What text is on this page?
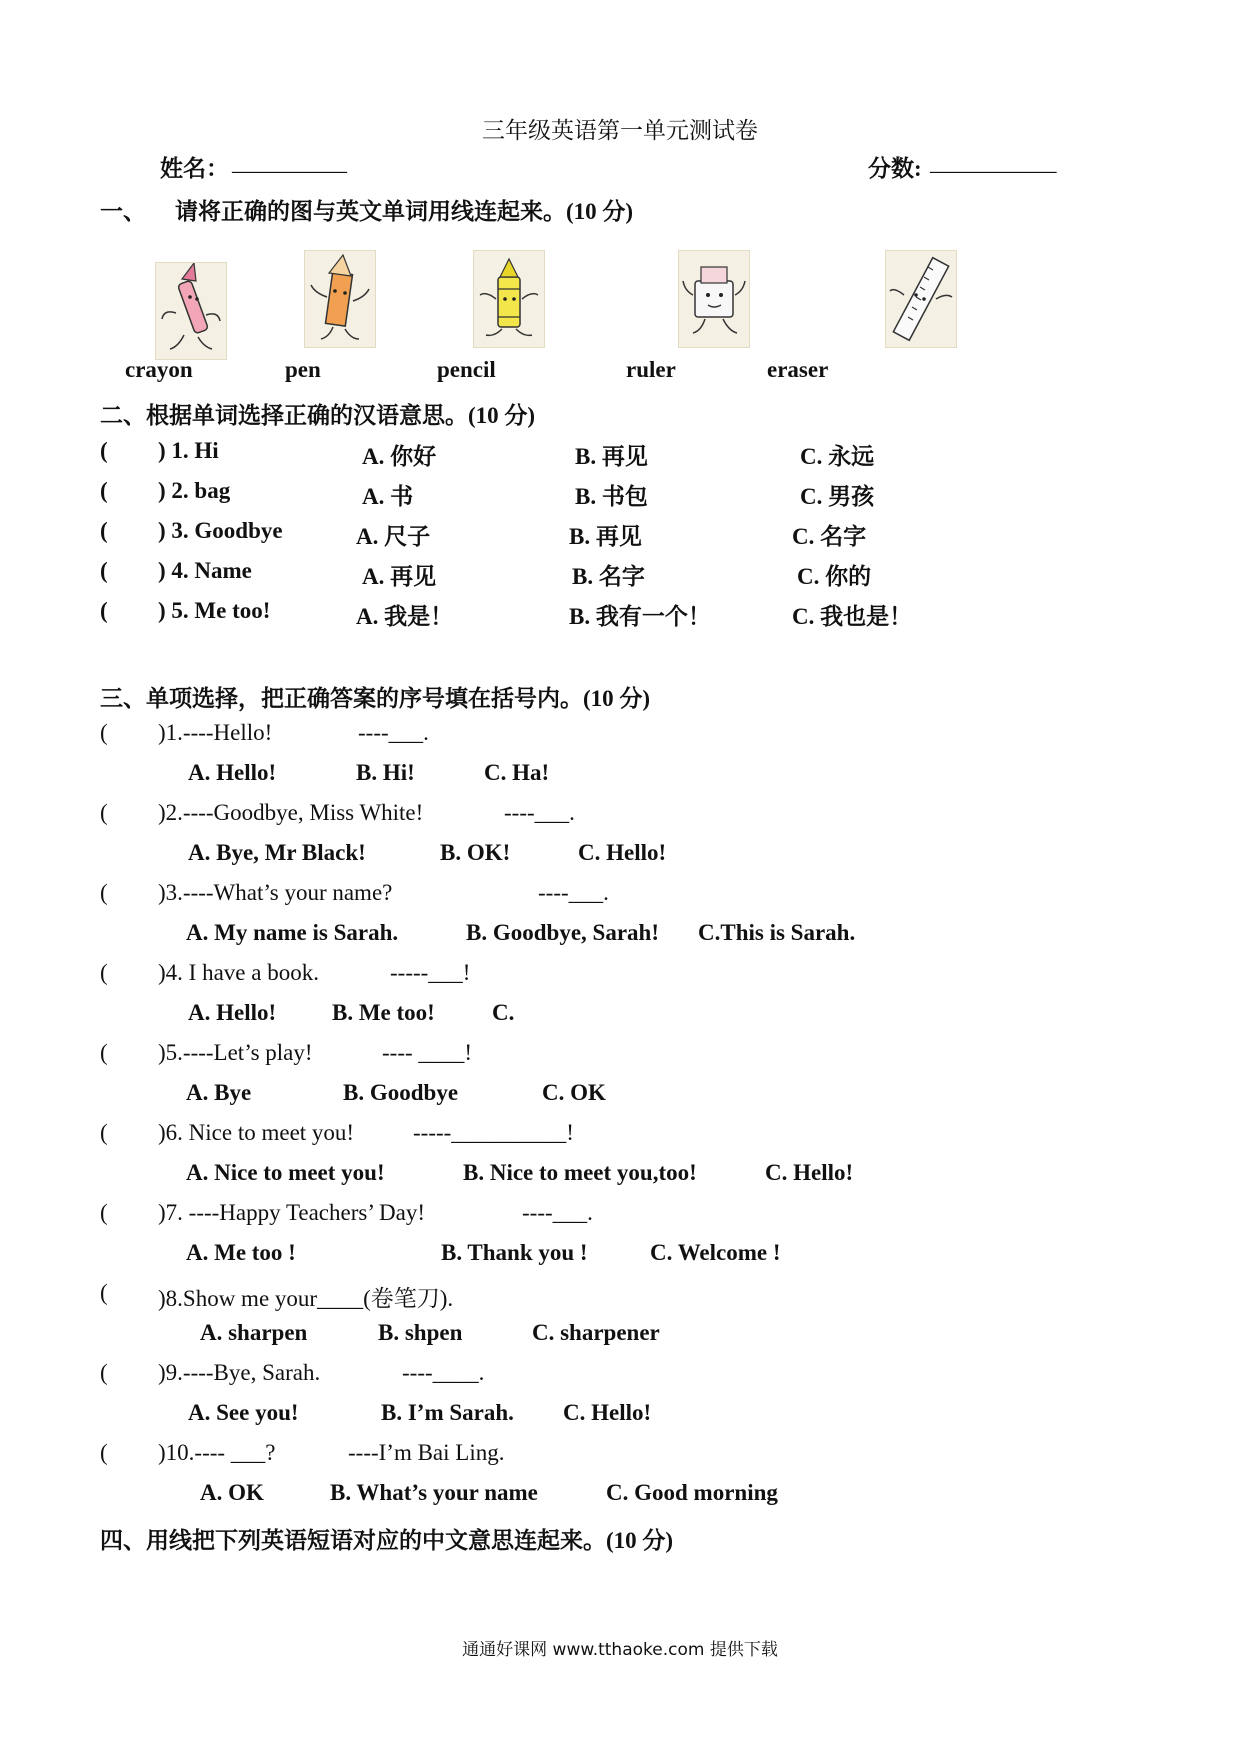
三年级英语第一单元测试卷
姓名： __________	分数: ___________
一、 请将正确的图与英文单词用线连起来。(10 分)
crayon	pen	pencil	ruler	eraser
二、根据单词选择正确的汉语意思。(10 分)
( ) 1. Hi	A. 你好	B. 再见	C. 永远
( ) 2. bag	A. 书	B. 书包	C. 男孩
( ) 3. Goodbye	A. 尺子	B. 再见	C. 名字
( ) 4. Name	A. 再见	B. 名字	C. 你的
( ) 5. Me too!	A. 我是！	B. 我有一个！	C. 我也是！
三、单项选择，把正确答案的序号填在括号内。(10 分)
( )1.----Hello!	----___.
A. Hello!	B. Hi!	C. Ha!
( )2.----Goodbye, Miss White!	----___.
A. Bye, Mr Black!	B. OK!	C. Hello!
( )3.----What’s your name?	----___.
A. My name is Sarah.	B. Goodbye, Sarah! C.This is Sarah.
( )4. I have a book.	-----___!
A. Hello! B. Me too! C.
( )5.----Let’s play!	---- ____!
A. Bye	B. Goodbye	C. OK
( )6. Nice to meet you!	-----__________!
A. Nice to meet you!	B. Nice to meet you,too!	C. Hello!
( )7. ----Happy Teachers’ Day!	----___.
A. Me too !	B. Thank you !	C. Welcome !
( )8.Show me your____(卷笔刀).
A. sharpen	B. shpen	C. sharpener
( )9.----Bye, Sarah.	----____.
A. See you!	B. I’m Sarah. C. Hello!
( )10.---- ___?	----I’m Bai Ling.
A. OK	B. What’s your name	C. Good morning
四、用线把下列英语短语对应的中文意思连起来。(10 分)
通通好课网 www.tthaoke.com 提供下载
